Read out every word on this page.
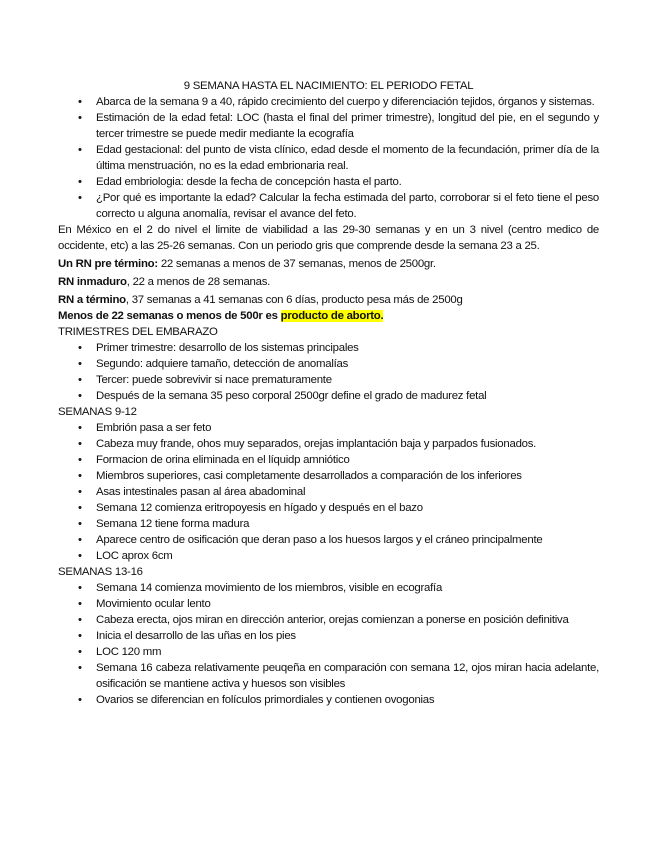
9 SEMANA HASTA EL NACIMIENTO: EL PERIODO FETAL
• Abarca de la semana 9 a 40, rápido crecimiento del cuerpo y diferenciación tejidos, órganos y sistemas.
• Estimación de la edad fetal: LOC (hasta el final del primer trimestre), longitud del pie, en el segundo y tercer trimestre se puede medir mediante la ecografía
• Edad gestacional: del punto de vista clínico, edad desde el momento de la fecundación, primer día de la última menstruación, no es la edad embrionaria real.
• Edad embriologia: desde la fecha de concepción hasta el parto.
• ¿Por qué es importante la edad? Calcular la fecha estimada del parto, corroborar si el feto tiene el peso correcto u alguna anomalía, revisar el avance del feto.

En México en el 2 do nivel el limite de viabilidad a las 29-30 semanas y en un 3 nivel (centro medico de occidente, etc) a las 25-26 semanas. Con un periodo gris que comprende desde la semana 23 a 25.

Un RN pre término: 22 semanas a menos de 37 semanas, menos de 2500gr.

RN inmaduro, 22 a menos de 28 semanas.

RN a término, 37 semanas a 41 semanas con 6 días, producto pesa más de 2500g

Menos de 22 semanas o menos de 500r es producto de aborto.

TRIMESTRES DEL EMBARAZO

• Primer trimestre: desarrollo de los sistemas principales
• Segundo: adquiere tamaño, detección de anomalías
• Tercer: puede sobrevivir si nace prematuramente
• Después de la semana 35 peso corporal 2500gr define el grado de madurez fetal

SEMANAS 9-12

• Embrión pasa a ser feto
• Cabeza muy frande, ohos muy separados, orejas implantación baja y parpados fusionados.
• Formacion de orina eliminada en el líquidp amniótico
• Miembros superiores, casi completamente desarrollados a comparación de los inferiores
• Asas intestinales pasan al área abadominal
• Semana 12 comienza eritropoyesis en hígado y después en el bazo
• Semana 12 tiene forma madura
• Aparece centro de osificación que deran paso a los huesos largos y el cráneo principalmente
• LOC aprox 6cm

SEMANAS 13-16

• Semana 14 comienza movimiento de los miembros, visible en ecografía
• Movimiento ocular lento
• Cabeza erecta, ojos miran en dirección anterior, orejas comienzan a ponerse en posición definitiva
• Inicia el desarrollo de las uñas en los pies
• LOC 120 mm
• Semana 16 cabeza relativamente peuqeña en comparación con semana 12, ojos miran hacia adelante, osificación se mantiene activa y huesos son visibles
• Ovarios se diferencian en folículos primordiales y contienen ovogonias
